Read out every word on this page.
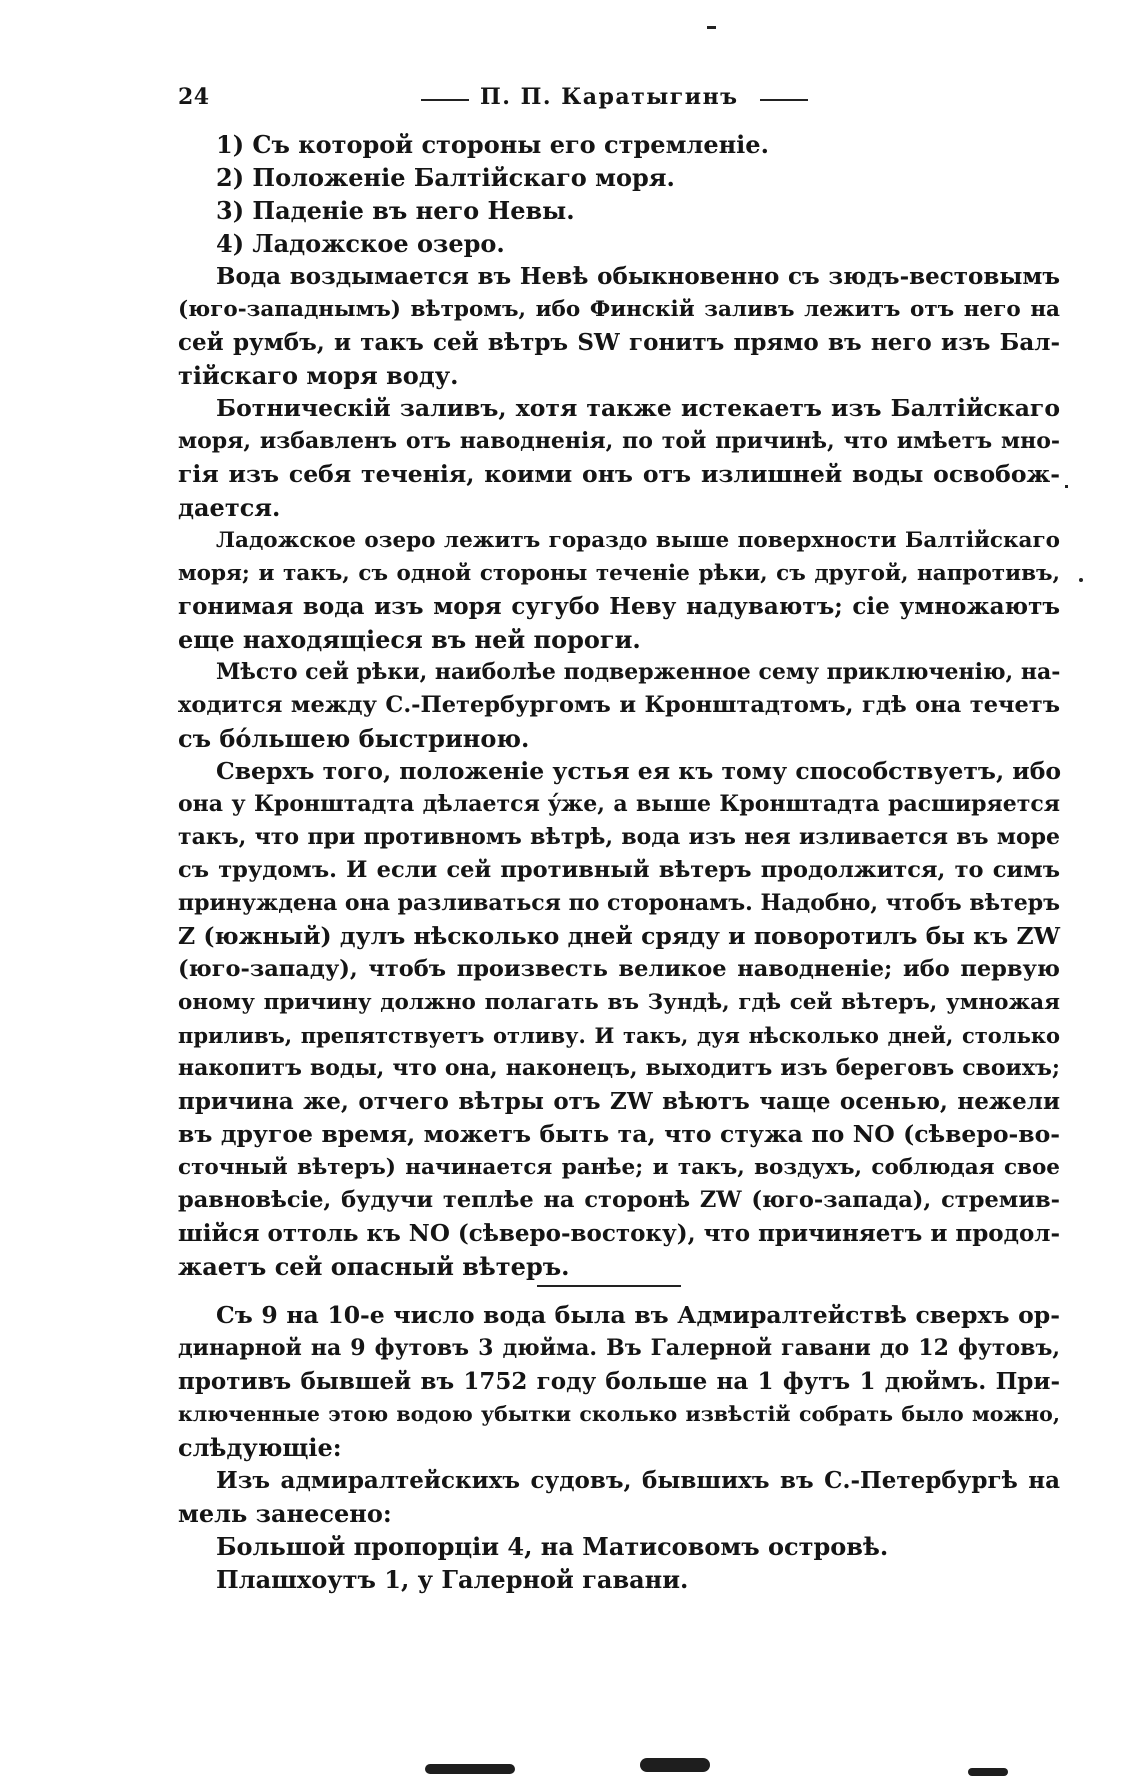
24	П. П. Каратыгинъ
1) Съ которой стороны его стремленіе.
2) Положеніе Балтійскаго моря.
3) Паденіе въ него Невы.
4) Ладожское озеро.
Вода воздымается въ Невѣ обыкновенно съ зюдъ-вестовымъ
(юго-западнымъ) вѣтромъ, ибо Финскій заливъ лежитъ отъ него на
сей румбъ, и такъ сей вѣтръ SW гонитъ прямо въ него изъ Бал-
тійскаго моря воду.
Ботническій заливъ, хотя также истекаетъ изъ Балтійскаго
моря, избавленъ отъ наводненія, по той причинѣ, что имѣетъ мно-
гія изъ себя теченія, коими онъ отъ излишней воды освобож-
дается.
Ладожское озеро лежитъ гораздо выше поверхности Балтійскаго
моря; и такъ, съ одной стороны теченіе рѣки, съ другой, напротивъ,
гонимая вода изъ моря сугубо Неву надуваютъ; сіе умножаютъ
еще находящіеся въ ней пороги.
Мѣсто сей рѣки, наиболѣе подверженное сему приключенію, на-
ходится между С.-Петербургомъ и Кронштадтомъ, гдѣ она течетъ
съ бόльшею быстриною.
Сверхъ того, положеніе устья ея къ тому способствуетъ, ибо
она у Кронштадта дѣлается ýже, а выше Кронштадта расширяется
такъ, что при противномъ вѣтрѣ, вода изъ нея изливается въ море
съ трудомъ. И если сей противный вѣтеръ продолжится, то симъ
принуждена она разливаться по сторонамъ. Надобно, чтобъ вѣтеръ
Z (южный) дулъ нѣсколько дней сряду и поворотилъ бы къ ZW
(юго-западу), чтобъ произвесть великое наводненіе; ибо первую
оному причину должно полагать въ Зундѣ, гдѣ сей вѣтеръ, умножая
приливъ, препятствуетъ отливу. И такъ, дуя нѣсколько дней, столько
накопитъ воды, что она, наконецъ, выходитъ изъ береговъ своихъ;
причина же, отчего вѣтры отъ ZW вѣютъ чаще осенью, нежели
въ другое время, можетъ быть та, что стужа по NO (сѣверо-во-
сточный вѣтеръ) начинается ранѣе; и такъ, воздухъ, соблюдая свое
равновѣсіе, будучи теплѣе на сторонѣ ZW (юго-запада), стремив-
шійся оттоль къ NO (сѣверо-востоку), что причиняетъ и продол-
жаетъ сей опасный вѣтеръ.
Съ 9 на 10-е число вода была въ Адмиралтействѣ сверхъ ор-
динарной на 9 футовъ 3 дюйма. Въ Галерной гавани до 12 футовъ,
противъ бывшей въ 1752 году больше на 1 футъ 1 дюймъ. При-
ключенные этою водою убытки сколько извѣстій собрать было можно,
слѣдующіе:
Изъ адмиралтейскихъ судовъ, бывшихъ въ С.-Петербургѣ на
мель занесено:
Большой пропорціи 4, на Матисовомъ островѣ.
Плашхоутъ 1, у Галерной гавани.
